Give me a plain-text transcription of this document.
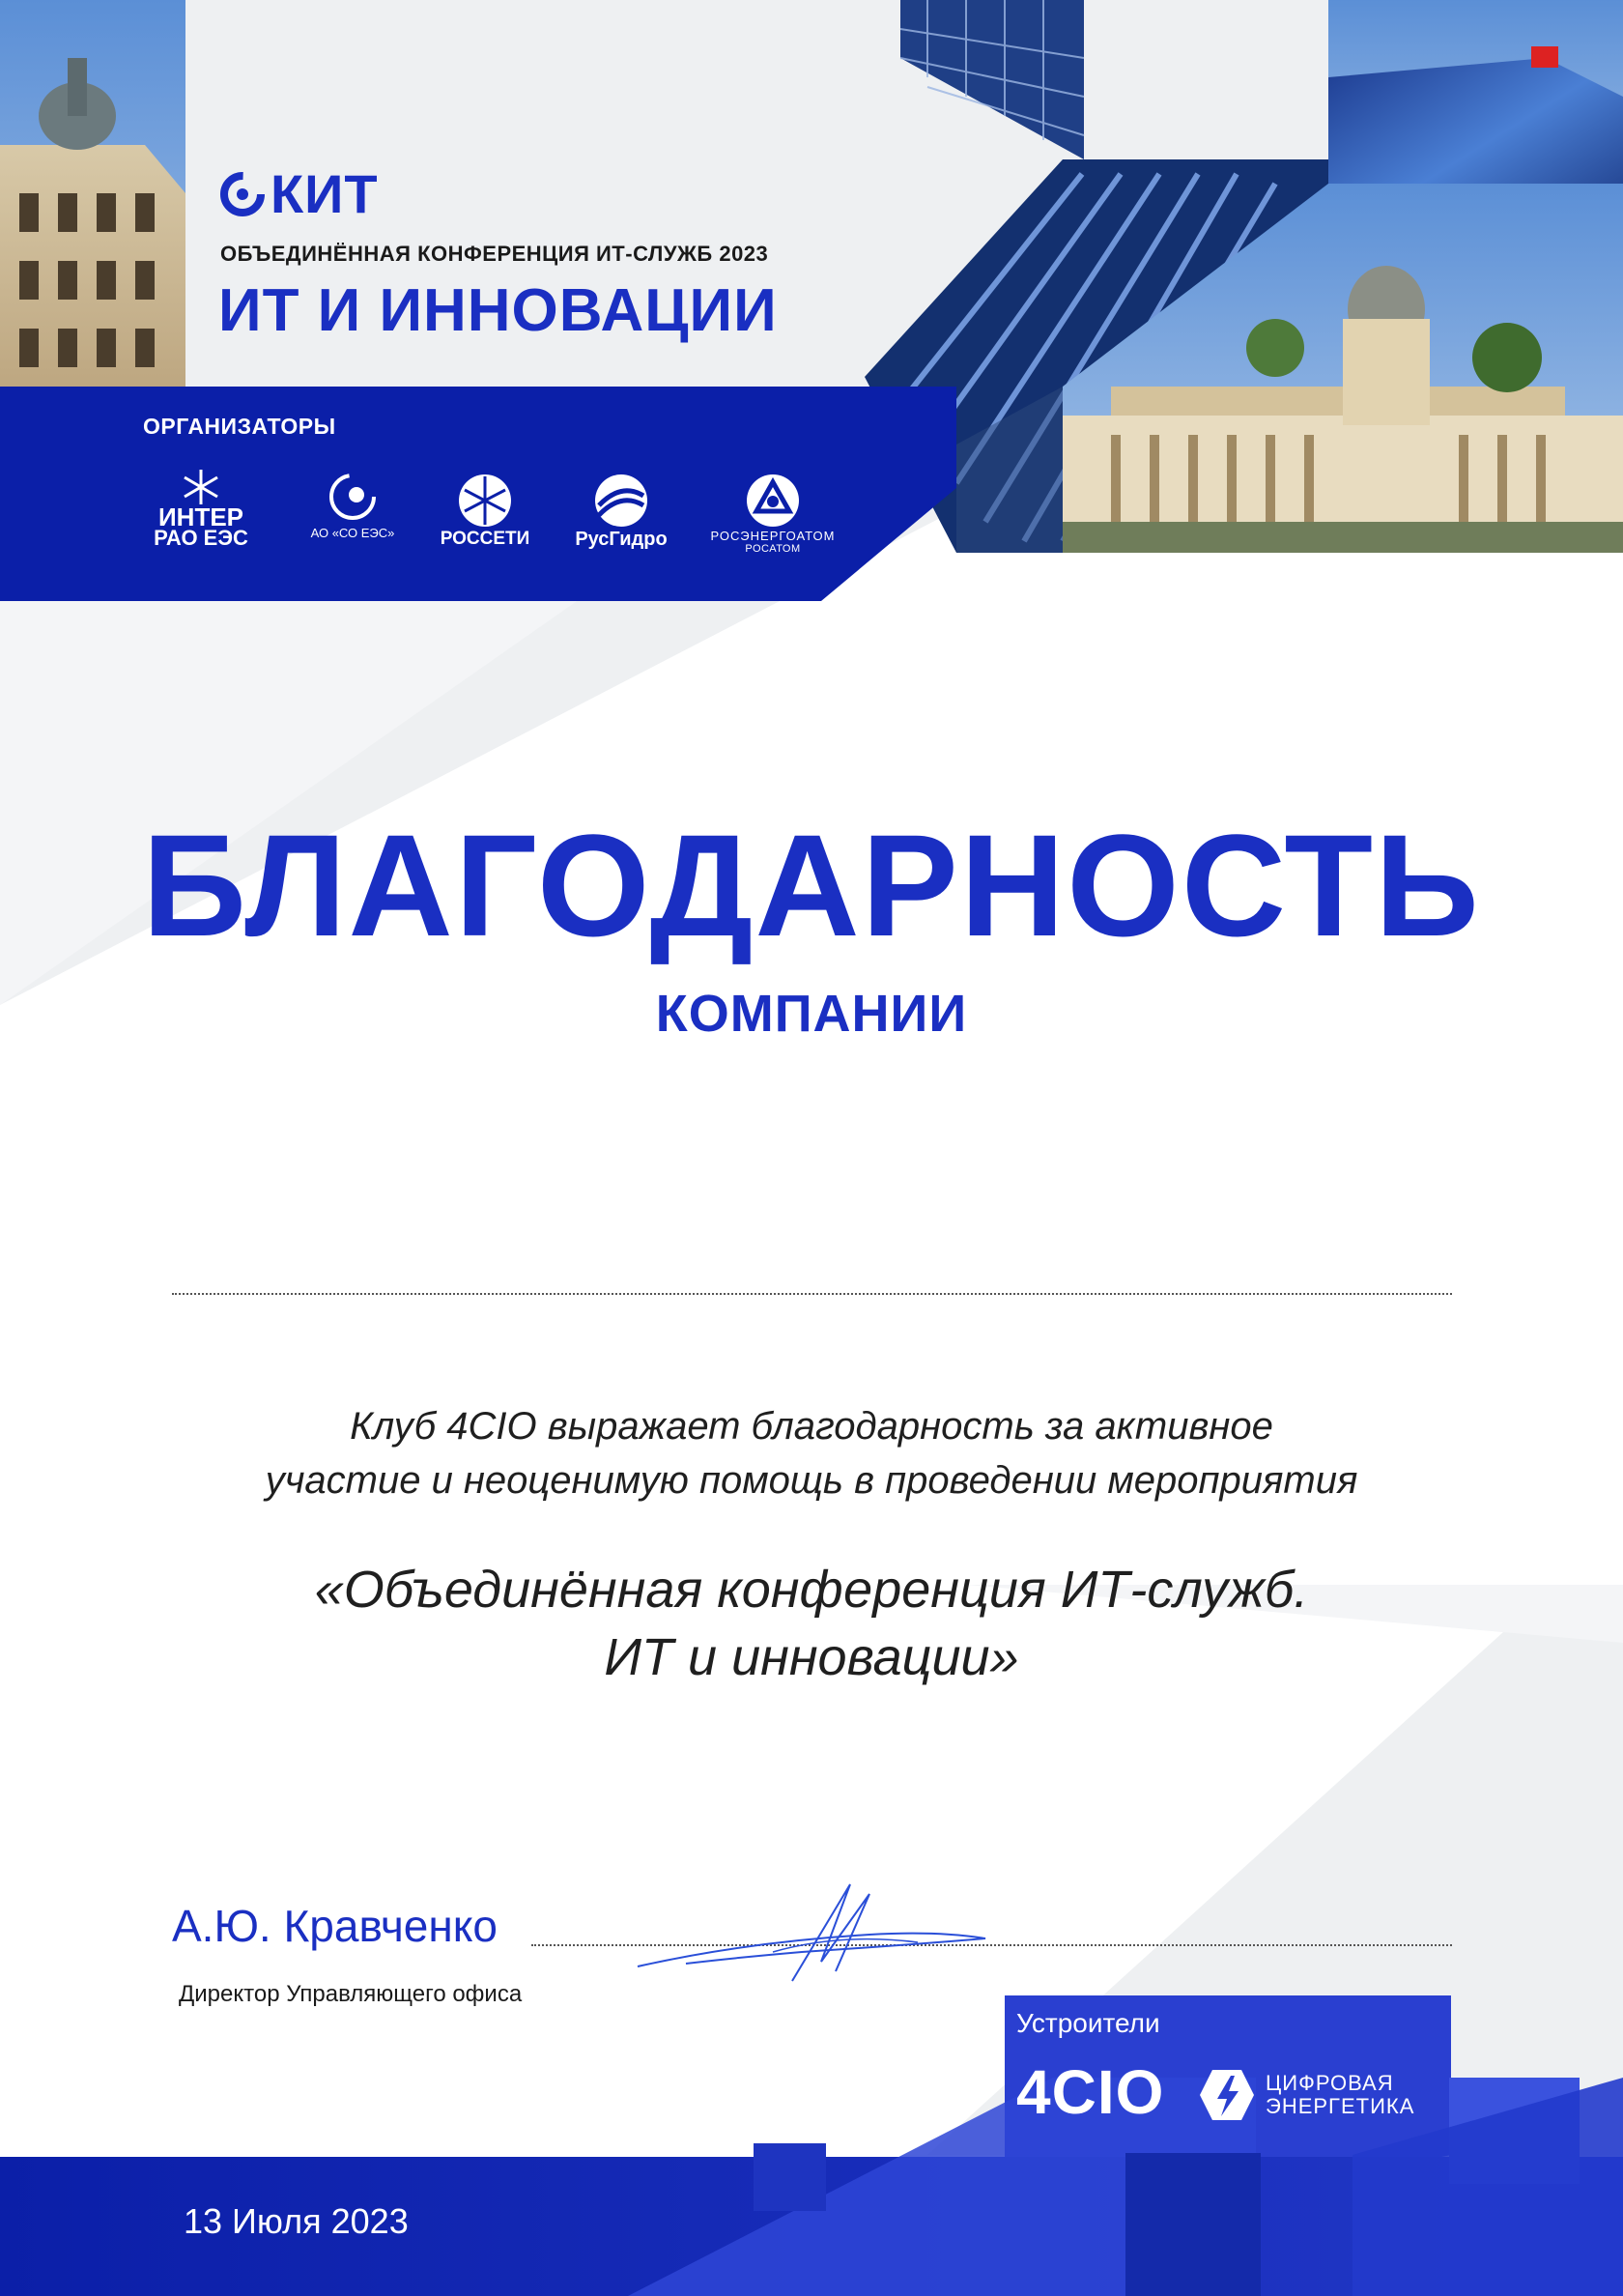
КИТ
ОБЪЕДИНЁННАЯ КОНФЕРЕНЦИЯ ИТ-СЛУЖБ 2023
ИТ И ИННОВАЦИИ
ОРГАНИЗАТОРЫ
ИНТЕР
РАО ЕЭС	АО «СО ЕЭС» РОССЕТИ РусГидро	РОСЭНЕРГОАТОМ
РОСАТОМ
БЛАГОДАРНОСТЬ
КОМПАНИИ
Клуб 4CIO выражает благодарность за активное
участие и неоценимую помощь в проведении мероприятия
«Объединённая конференция ИТ-служб.
ИТ и инновации»
А.Ю. Кравченко
Директор Управляющего офиса
Устроители
4CIO	ЦИФРОВАЯ
ЭНЕРГЕТИКА
13 Июля 2023
